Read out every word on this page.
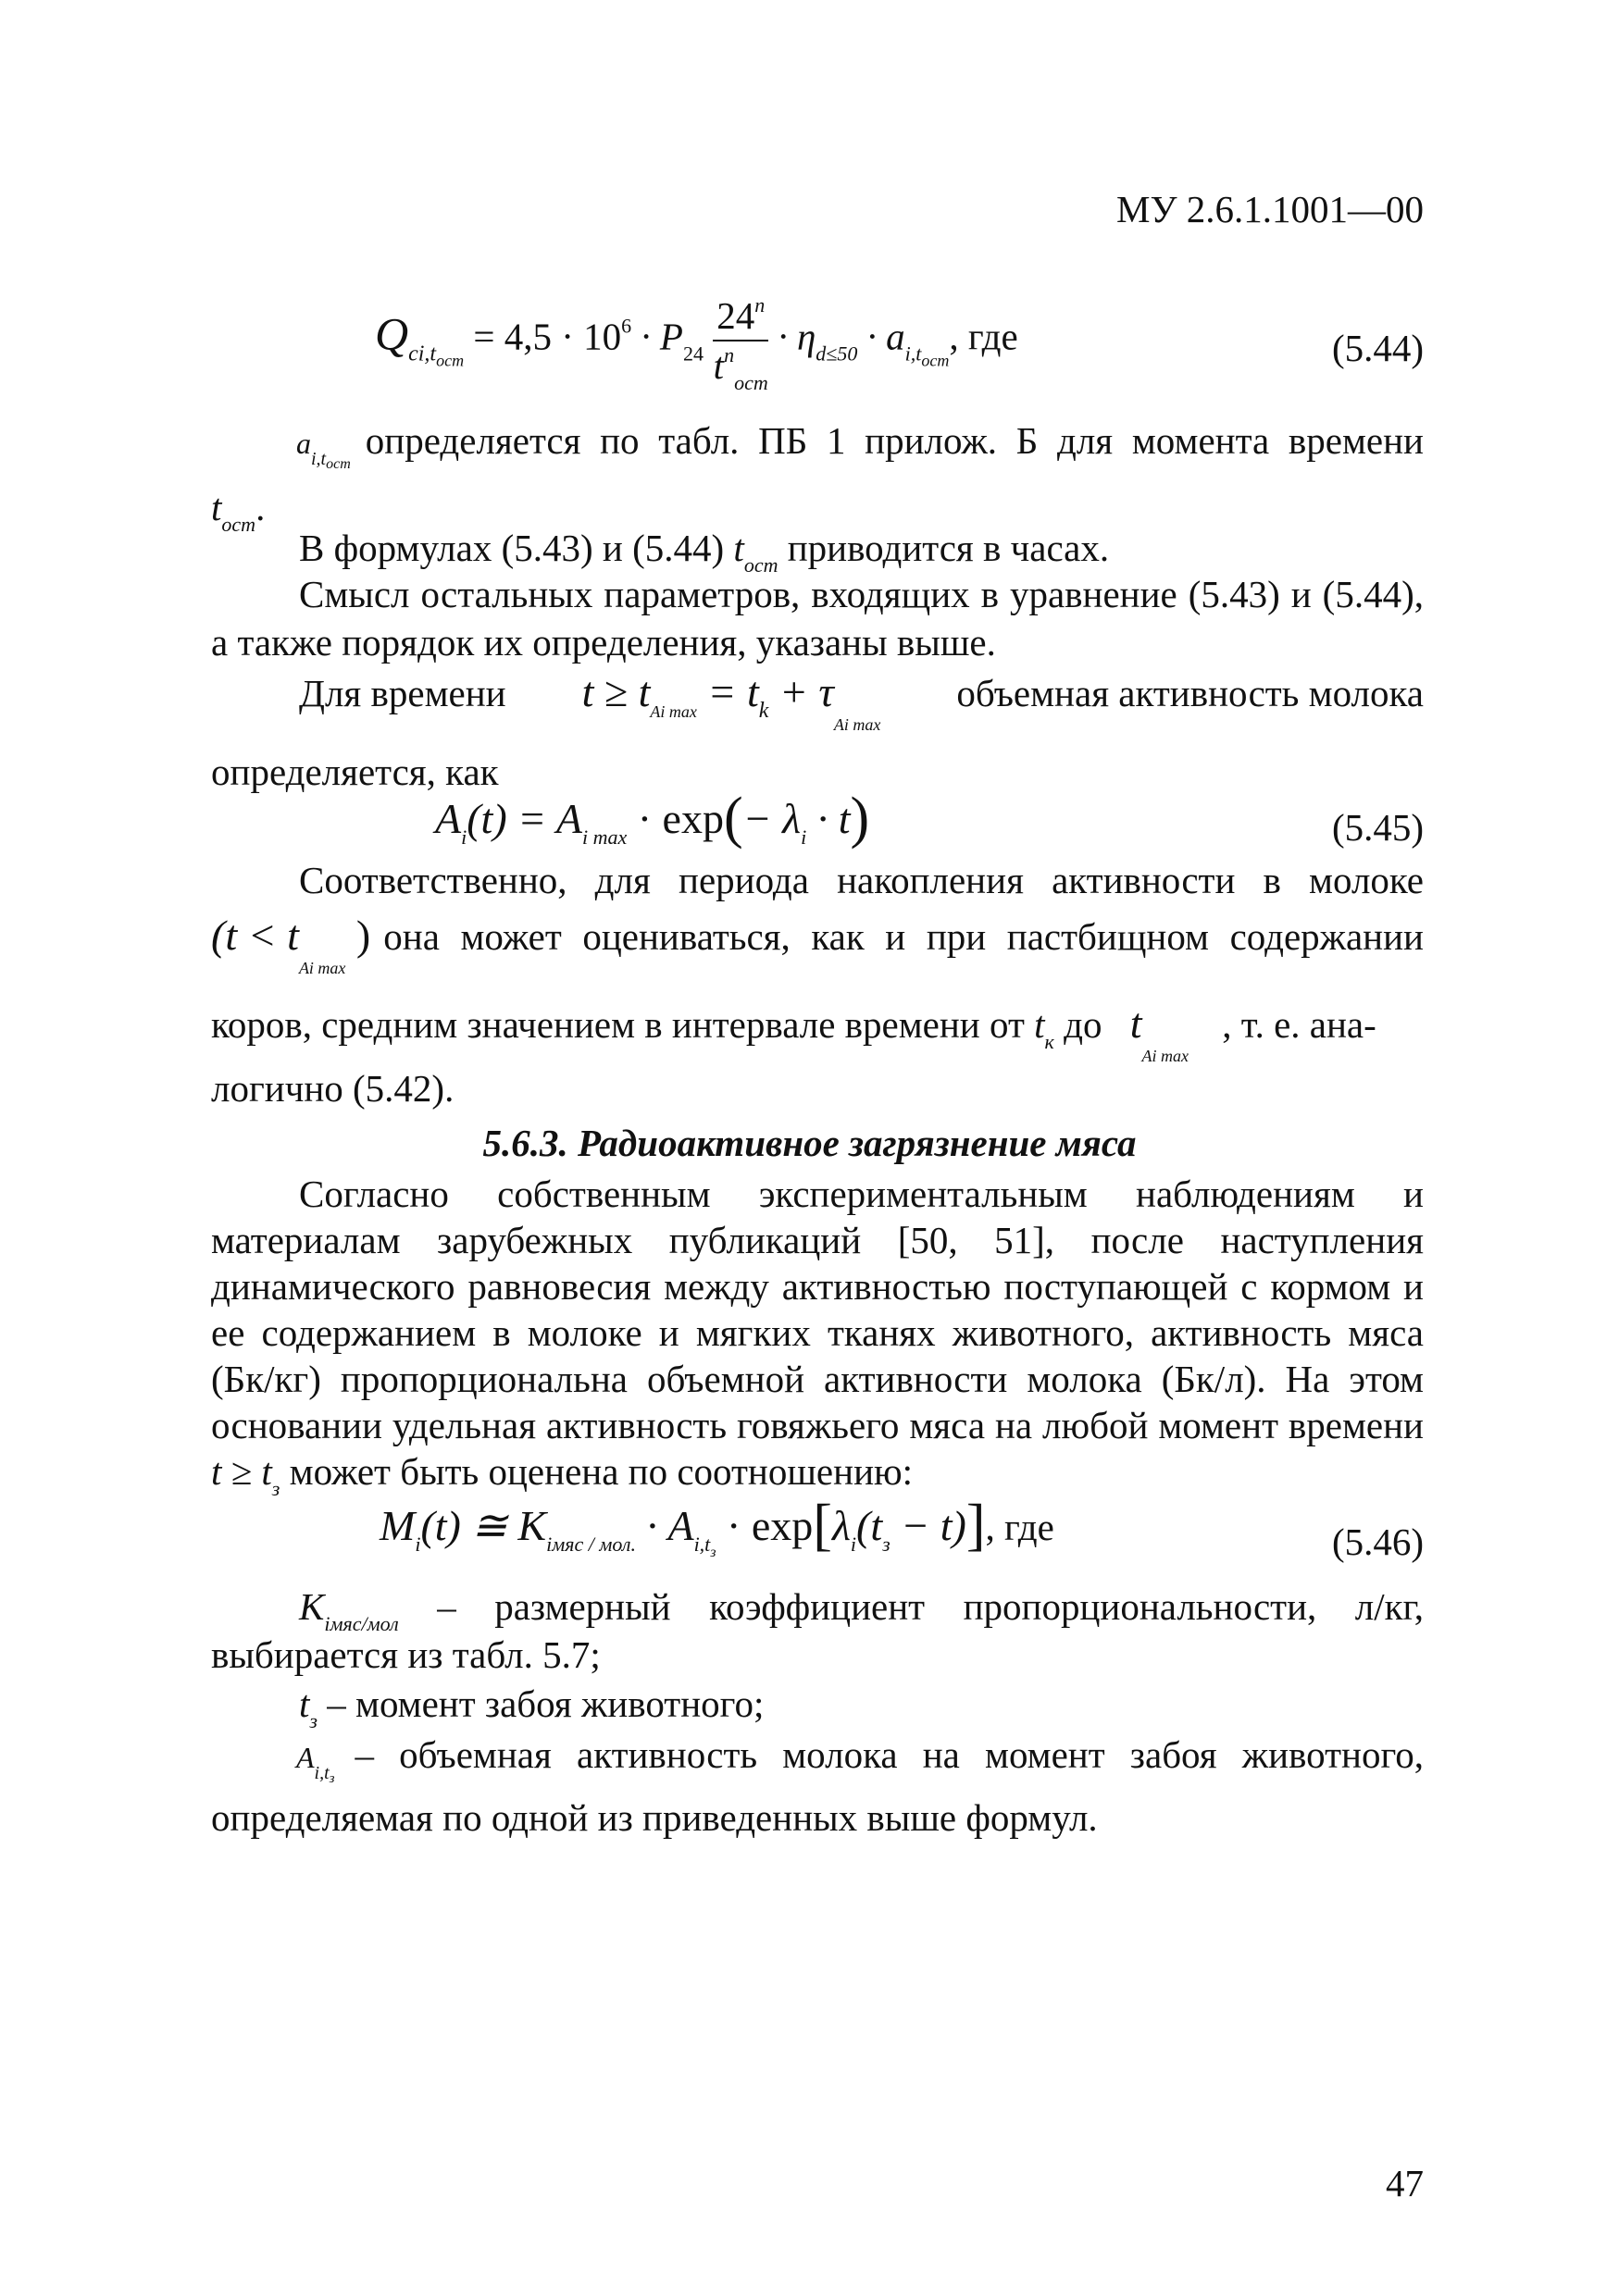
МУ 2.6.1.1001—00
$Q_{ci,tост} = 4,5 \cdot 10^6 \cdot P_{24} \frac{24^n}{t^n_{ост}} \cdot \eta_{d\le 50} \cdot a_{i,tост}$, где	(5.44)
$a_{i,tост}$
определяется по табл. ПБ 1 прилож. Б для момента времени
$t_{ост}$.
В формулах (5.43) и (5.44) $t_{ост}$ приводится в часах.
Смысл остальных параметров, входящих в уравнение (5.43) и (5.44), а также порядок их определения, указаны выше.
Для времени $t \ge t_{Ai max} = t_k + \tau_{Ai max}$
объемная активность молока
определяется, как
$A_i(t) = A_{i max} \cdot \exp(- \lambda_i \cdot t)$	(5.45)
Соответственно, для периода накопления активности в молоке
($t < t_{Ai max}$ ) она может оцениваться, как и при пастбищном содержании
коров, средним значением в интервале времени от $t_к$ до $t_{Ai max}$ , т. е. ана-
логично (5.42).
5.6.3. Радиоактивное загрязнение мяса
Согласно собственным экспериментальным наблюдениям и материалам зарубежных публикаций [50, 51], после наступления динамического равновесия между активностью поступающей с кормом и ее содержанием в молоке и мягких тканях животного, активность мяса (Бк/кг) пропорциональна объемной активности молока (Бк/л). На этом основании удельная активность говяжьего мяса на любой момент времени $t \ge t_з$ может быть оценена по соотношению:
$M_i(t)$ ≅ $K_{iмяс / мол.} \cdot A_{i,tз} \cdot \exp[\lambda_i(t_з - t)]$, где	(5.46)
$K_{iмяс/мол}$ – размерный коэффициент пропорциональности, л/кг, выбирается из табл. 5.7;
$t_з$ – момент забоя животного;
$A_{i,tз}$
– объемная активность молока на момент забоя животного,
определяемая по одной из приведенных выше формул.
47
